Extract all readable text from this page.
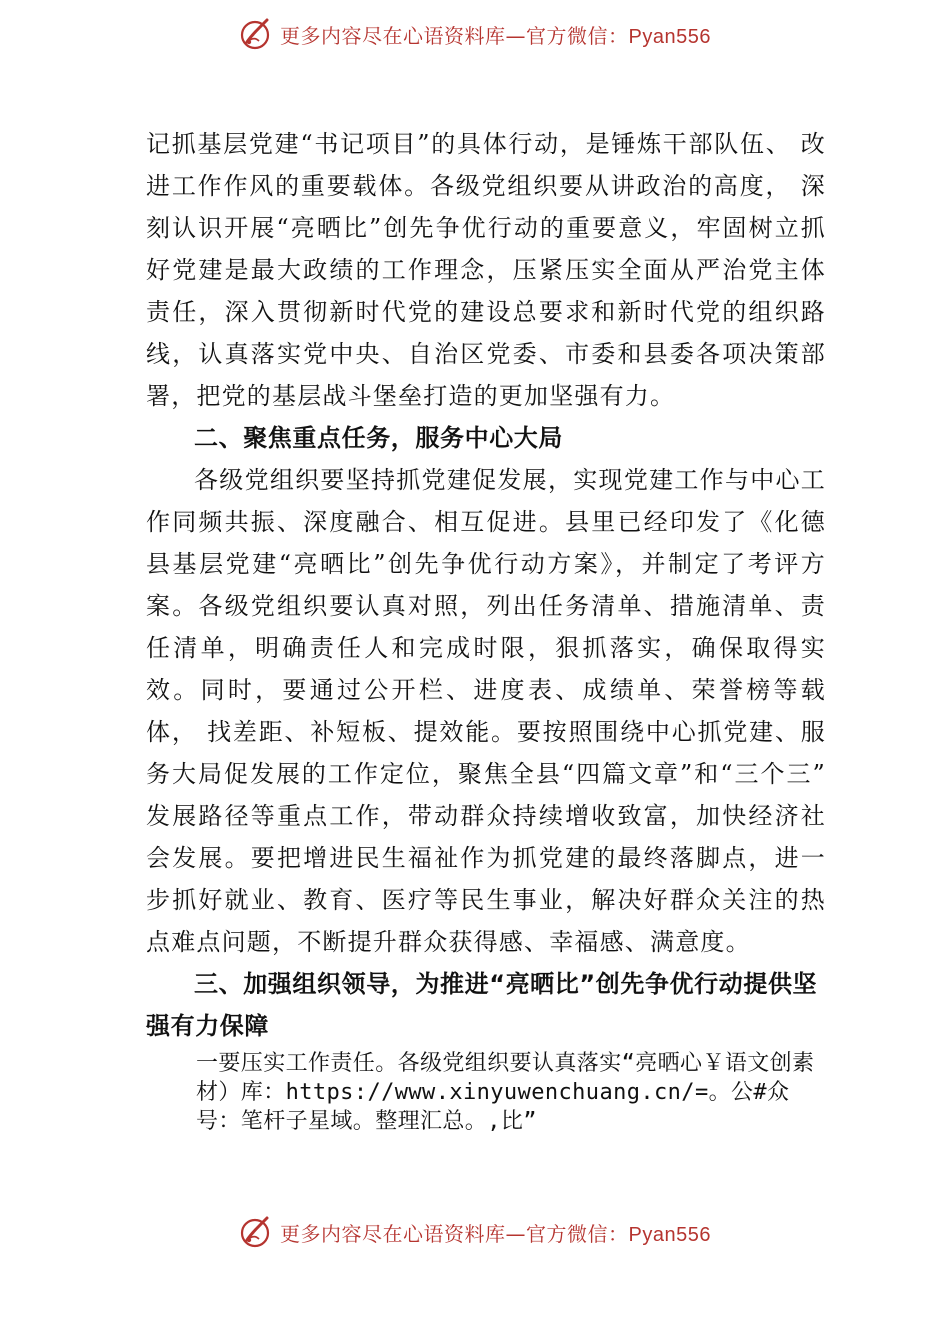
更多内容尽在心语资料库—官方微信：Pyan556

记抓基层党建“书记项目”的具体行动，是锤炼干部队伍、 改进工作作风的重要载体。各级党组织要从讲政治的高度， 深刻认识开展“亮晒比”创先争优行动的重要意义，牢固树立抓好党建是最大政绩的工作理念，压紧压实全面从严治党主体责任，深入贯彻新时代党的建设总要求和新时代党的组织路线，认真落实党中央、自治区党委、市委和县委各项决策部署，把党的基层战斗堡垒打造的更加坚强有力。

二、聚焦重点任务，服务中心大局

各级党组织要坚持抓党建促发展，实现党建工作与中心工作同频共振、深度融合、相互促进。县里已经印发了《化德县基层党建“亮晒比”创先争优行动方案》，并制定了考评方案。各级党组织要认真对照，列出任务清单、措施清单、责任清单，明确责任人和完成时限，狠抓落实，确保取得实效。同时，要通过公开栏、进度表、成绩单、荣誉榜等载体， 找差距、补短板、提效能。要按照围绕中心抓党建、服务大局促发展的工作定位，聚焦全县“四篇文章”和“三个三” 发展路径等重点工作，带动群众持续增收致富，加快经济社会发展。要把增进民生福祉作为抓党建的最终落脚点，进一步抓好就业、教育、医疗等民生事业，解决好群众关注的热点难点问题，不断提升群众获得感、幸福感、满意度。

三、加强组织领导，为推进“亮晒比”创先争优行动提供坚强有力保障

一要压实工作责任。各级党组织要认真落实“亮晒心￥语文创素材）库：https://www.xinyuwenchuang.cn/=。公#众号：笔杆子星域。整理汇总。,比”

更多内容尽在心语资料库—官方微信：Pyan556
